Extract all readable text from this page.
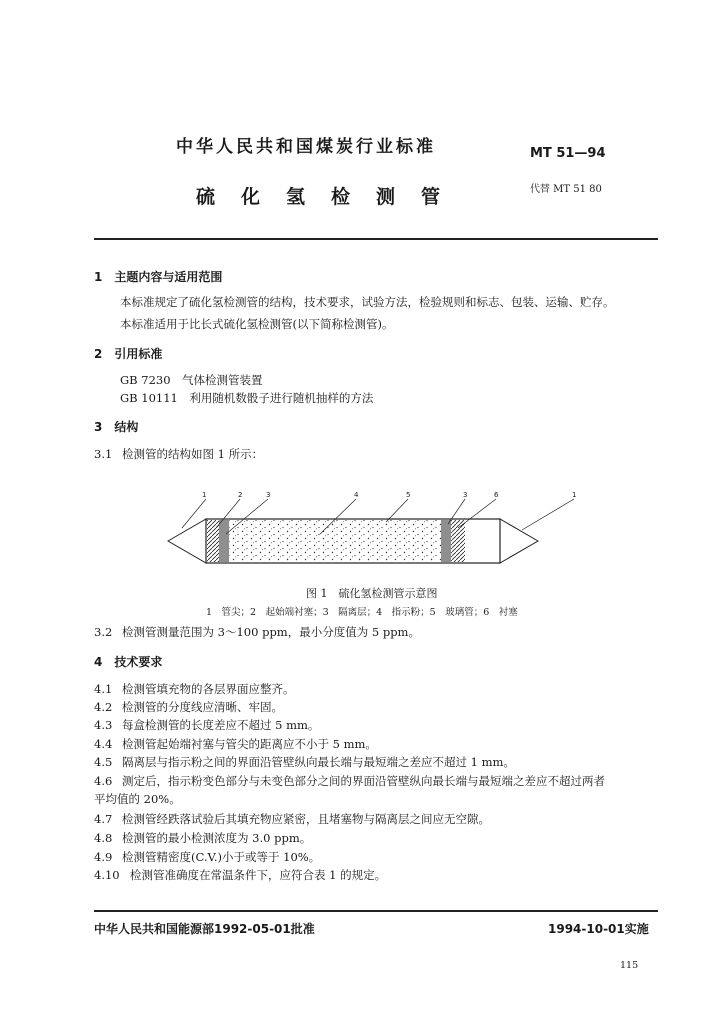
中华人民共和国煤炭行业标准	MT 51—94
硫化氢检测管	代替 MT 51 80
1　主题内容与适用范围
本标准规定了硫化氢检测管的结构，技术要求，试验方法，检验规则和标志、包装、运输、贮存。
本标准适用于比长式硫化氢检测管(以下简称检测管)。
2　引用标准
GB 7230　气体检测管装置
GB 10111　利用随机数骰子进行随机抽样的方法
3　结构
3.1 检测管的结构如图 1 所示：
1	2	3	4	5	3	6	1
图 1　硫化氢检测管示意图
1　管尖；2　起始端衬塞；3　隔离层；4　指示粉；5　玻璃管；6　衬塞
3.2 检测管测量范围为 3～100 ppm，最小分度值为 5 ppm。
4　技术要求
4.1 检测管填充物的各层界面应整齐。
4.2 检测管的分度线应清晰、牢固。
4.3 每盒检测管的长度差应不超过 5 mm。
4.4 检测管起始端衬塞与管尖的距离应不小于 5 mm。
4.5 隔离层与指示粉之间的界面沿管壁纵向最长端与最短端之差应不超过 1 mm。
4.6 测定后，指示粉变色部分与未变色部分之间的界面沿管壁纵向最长端与最短端之差应不超过两者
平均值的 20%。
4.7 检测管经跌落试验后其填充物应紧密，且堵塞物与隔离层之间应无空隙。
4.8 检测管的最小检测浓度为 3.0 ppm。
4.9 检测管精密度(C.V.)小于或等于 10%。
4.10 检测管准确度在常温条件下，应符合表 1 的规定。
中华人民共和国能源部1992-05-01批准	1994-10-01实施
115
